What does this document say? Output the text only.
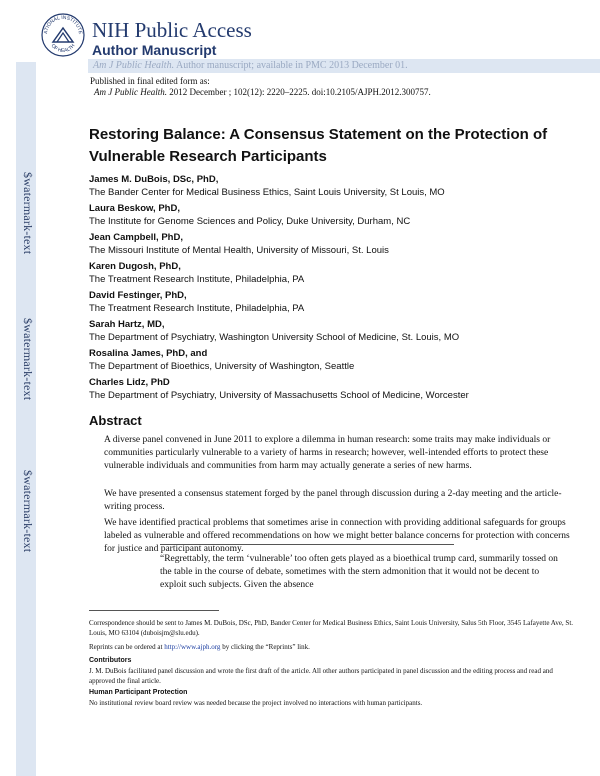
$watermark-text
$watermark-text
$watermark-text
ATIONAL INSTITUTE
OF HEALTH
NIH Public Access
Author Manuscript
Am J Public Health. Author manuscript; available in PMC 2013 December 01.
Published in final edited form as:
Am J Public Health. 2012 December ; 102(12): 2220–2225. doi:10.2105/AJPH.2012.300757.
Restoring Balance: A Consensus Statement on the Protection of Vulnerable Research Participants
James M. DuBois, DSc, PhD,
The Bander Center for Medical Business Ethics, Saint Louis University, St Louis, MO
Laura Beskow, PhD,
The Institute for Genome Sciences and Policy, Duke University, Durham, NC
Jean Campbell, PhD,
The Missouri Institute of Mental Health, University of Missouri, St. Louis
Karen Dugosh, PhD,
The Treatment Research Institute, Philadelphia, PA
David Festinger, PhD,
The Treatment Research Institute, Philadelphia, PA
Sarah Hartz, MD,
The Department of Psychiatry, Washington University School of Medicine, St. Louis, MO
Rosalina James, PhD, and
The Department of Bioethics, University of Washington, Seattle
Charles Lidz, PhD
The Department of Psychiatry, University of Massachusetts School of Medicine, Worcester
Abstract
A diverse panel convened in June 2011 to explore a dilemma in human research: some traits may make individuals or communities particularly vulnerable to a variety of harms in research; however, well-intended efforts to protect these vulnerable individuals and communities from harm may actually generate a series of new harms.
We have presented a consensus statement forged by the panel through discussion during a 2-day meeting and the article-writing process.
We have identified practical problems that sometimes arise in connection with providing additional safeguards for groups labeled as vulnerable and offered recommendations on how we might better balance concerns for protection with concerns for justice and participant autonomy.
“Regrettably, the term ‘vulnerable’ too often gets played as a bioethical trump card, summarily tossed on the table in the course of debate, sometimes with the stern admonition that it would not be decent to exploit such subjects. Given the absence
Correspondence should be sent to James M. DuBois, DSc, PhD, Bander Center for Medical Business Ethics, Saint Louis University, Salus 5th Floor, 3545 Lafayette Ave, St. Louis, MO 63104 (duboisjm@slu.edu).
Reprints can be ordered at http://www.ajph.org by clicking the “Reprints” link.
Contributors
J. M. DuBois facilitated panel discussion and wrote the first draft of the article. All other authors participated in panel discussion and the editing process and read and approved the final article.
Human Participant Protection
No institutional review board review was needed because the project involved no interactions with human participants.
